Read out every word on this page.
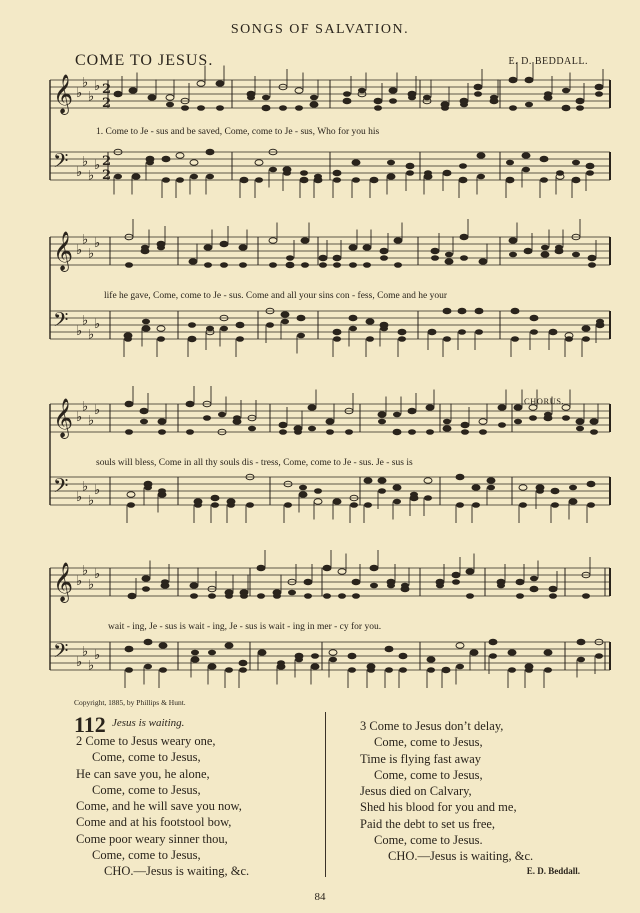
SONGS OF SALVATION.
COME TO JESUS.	E. D. BEDDALL.
𝄞 ♭
♭
♭
♭ 2
2
𝄢 ♭
♭
♭
♭ 2
2
𝄞 ♭
♭
♭
♭
𝄢 ♭
♭
♭
♭
𝄞 ♭
♭
♭
♭
𝄢 ♭
♭
♭
♭
𝄞 ♭
♭
♭
♭
𝄢 ♭
♭
♭
♭
1. Come to Je - sus and be saved, Come, come to Je - sus, Who for you his
life he gave, Come, come to Je - sus. Come and all your sins con - fess, Come and he your
souls will bless, Come in all thy souls dis - tress, Come, come to Je - sus. Je - sus is
CHORUS.
wait - ing, Je - sus is wait - ing, Je - sus is wait - ing in mer - cy for you.
Copyright, 1885, by Phillips & Hunt.
112 Jesus is waiting.
2 Come to Jesus weary one,
Come, come to Jesus,
He can save you, he alone,
Come, come to Jesus,
Come, and he will save you now,
Come and at his footstool bow,
Come poor weary sinner thou,
Come, come to Jesus,
CHO.—Jesus is waiting, &c.
3 Come to Jesus don’t delay,
Come, come to Jesus,
Time is flying fast away
Come, come to Jesus,
Jesus died on Calvary,
Shed his blood for you and me,
Paid the debt to set us free,
Come, come to Jesus.
CHO.—Jesus is waiting, &c.
E. D. Beddall.
84
